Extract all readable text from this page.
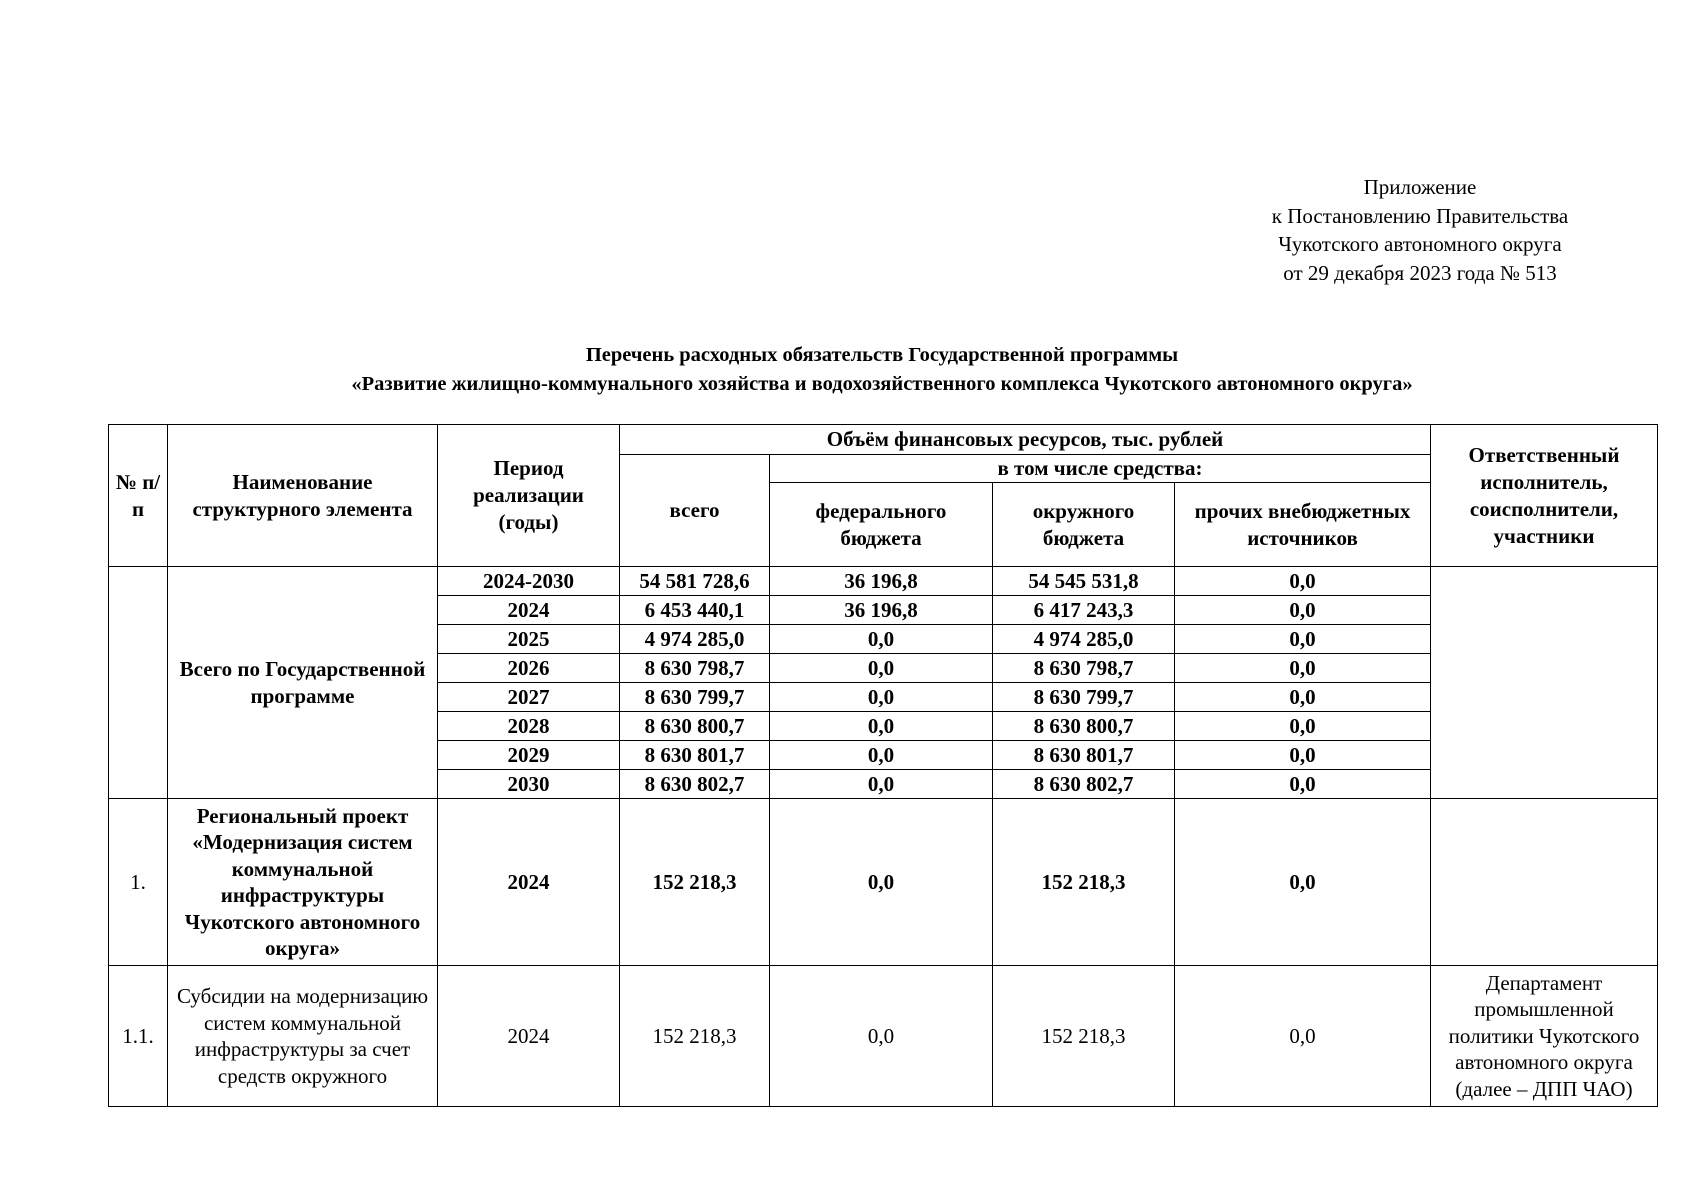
Приложение
к Постановлению Правительства
Чукотского автономного округа
от 29 декабря 2023 года № 513
Перечень расходных обязательств Государственной программы
«Развитие жилищно-коммунального хозяйства и водохозяйственного комплекса Чукотского автономного округа»
№ п/п	Наименование структурного элемента	Период реализации (годы)	Объём финансовых ресурсов, тыс. рублей				Ответственный исполнитель, соисполнители, участники
			всего	в том числе средства:			
				федерального бюджета	окружного бюджета	прочих внебюджетных источников	
	Всего по Государственной программе	2024-2030	54 581 728,6	36 196,8	54 545 531,8	0,0	
		2024	6 453 440,1	36 196,8	6 417 243,3	0,0	
		2025	4 974 285,0	0,0	4 974 285,0	0,0	
		2026	8 630 798,7	0,0	8 630 798,7	0,0	
		2027	8 630 799,7	0,0	8 630 799,7	0,0	
		2028	8 630 800,7	0,0	8 630 800,7	0,0	
		2029	8 630 801,7	0,0	8 630 801,7	0,0	
		2030	8 630 802,7	0,0	8 630 802,7	0,0	
1.	Региональный проект «Модернизация систем коммунальной инфраструктуры Чукотского автономного округа»	2024	152 218,3	0,0	152 218,3	0,0	
1.1.	Субсидии на модернизацию систем коммунальной инфраструктуры за счет средств окружного	2024	152 218,3	0,0	152 218,3	0,0	Департамент промышленной политики Чукотского автономного округа (далее – ДПП ЧАО)
